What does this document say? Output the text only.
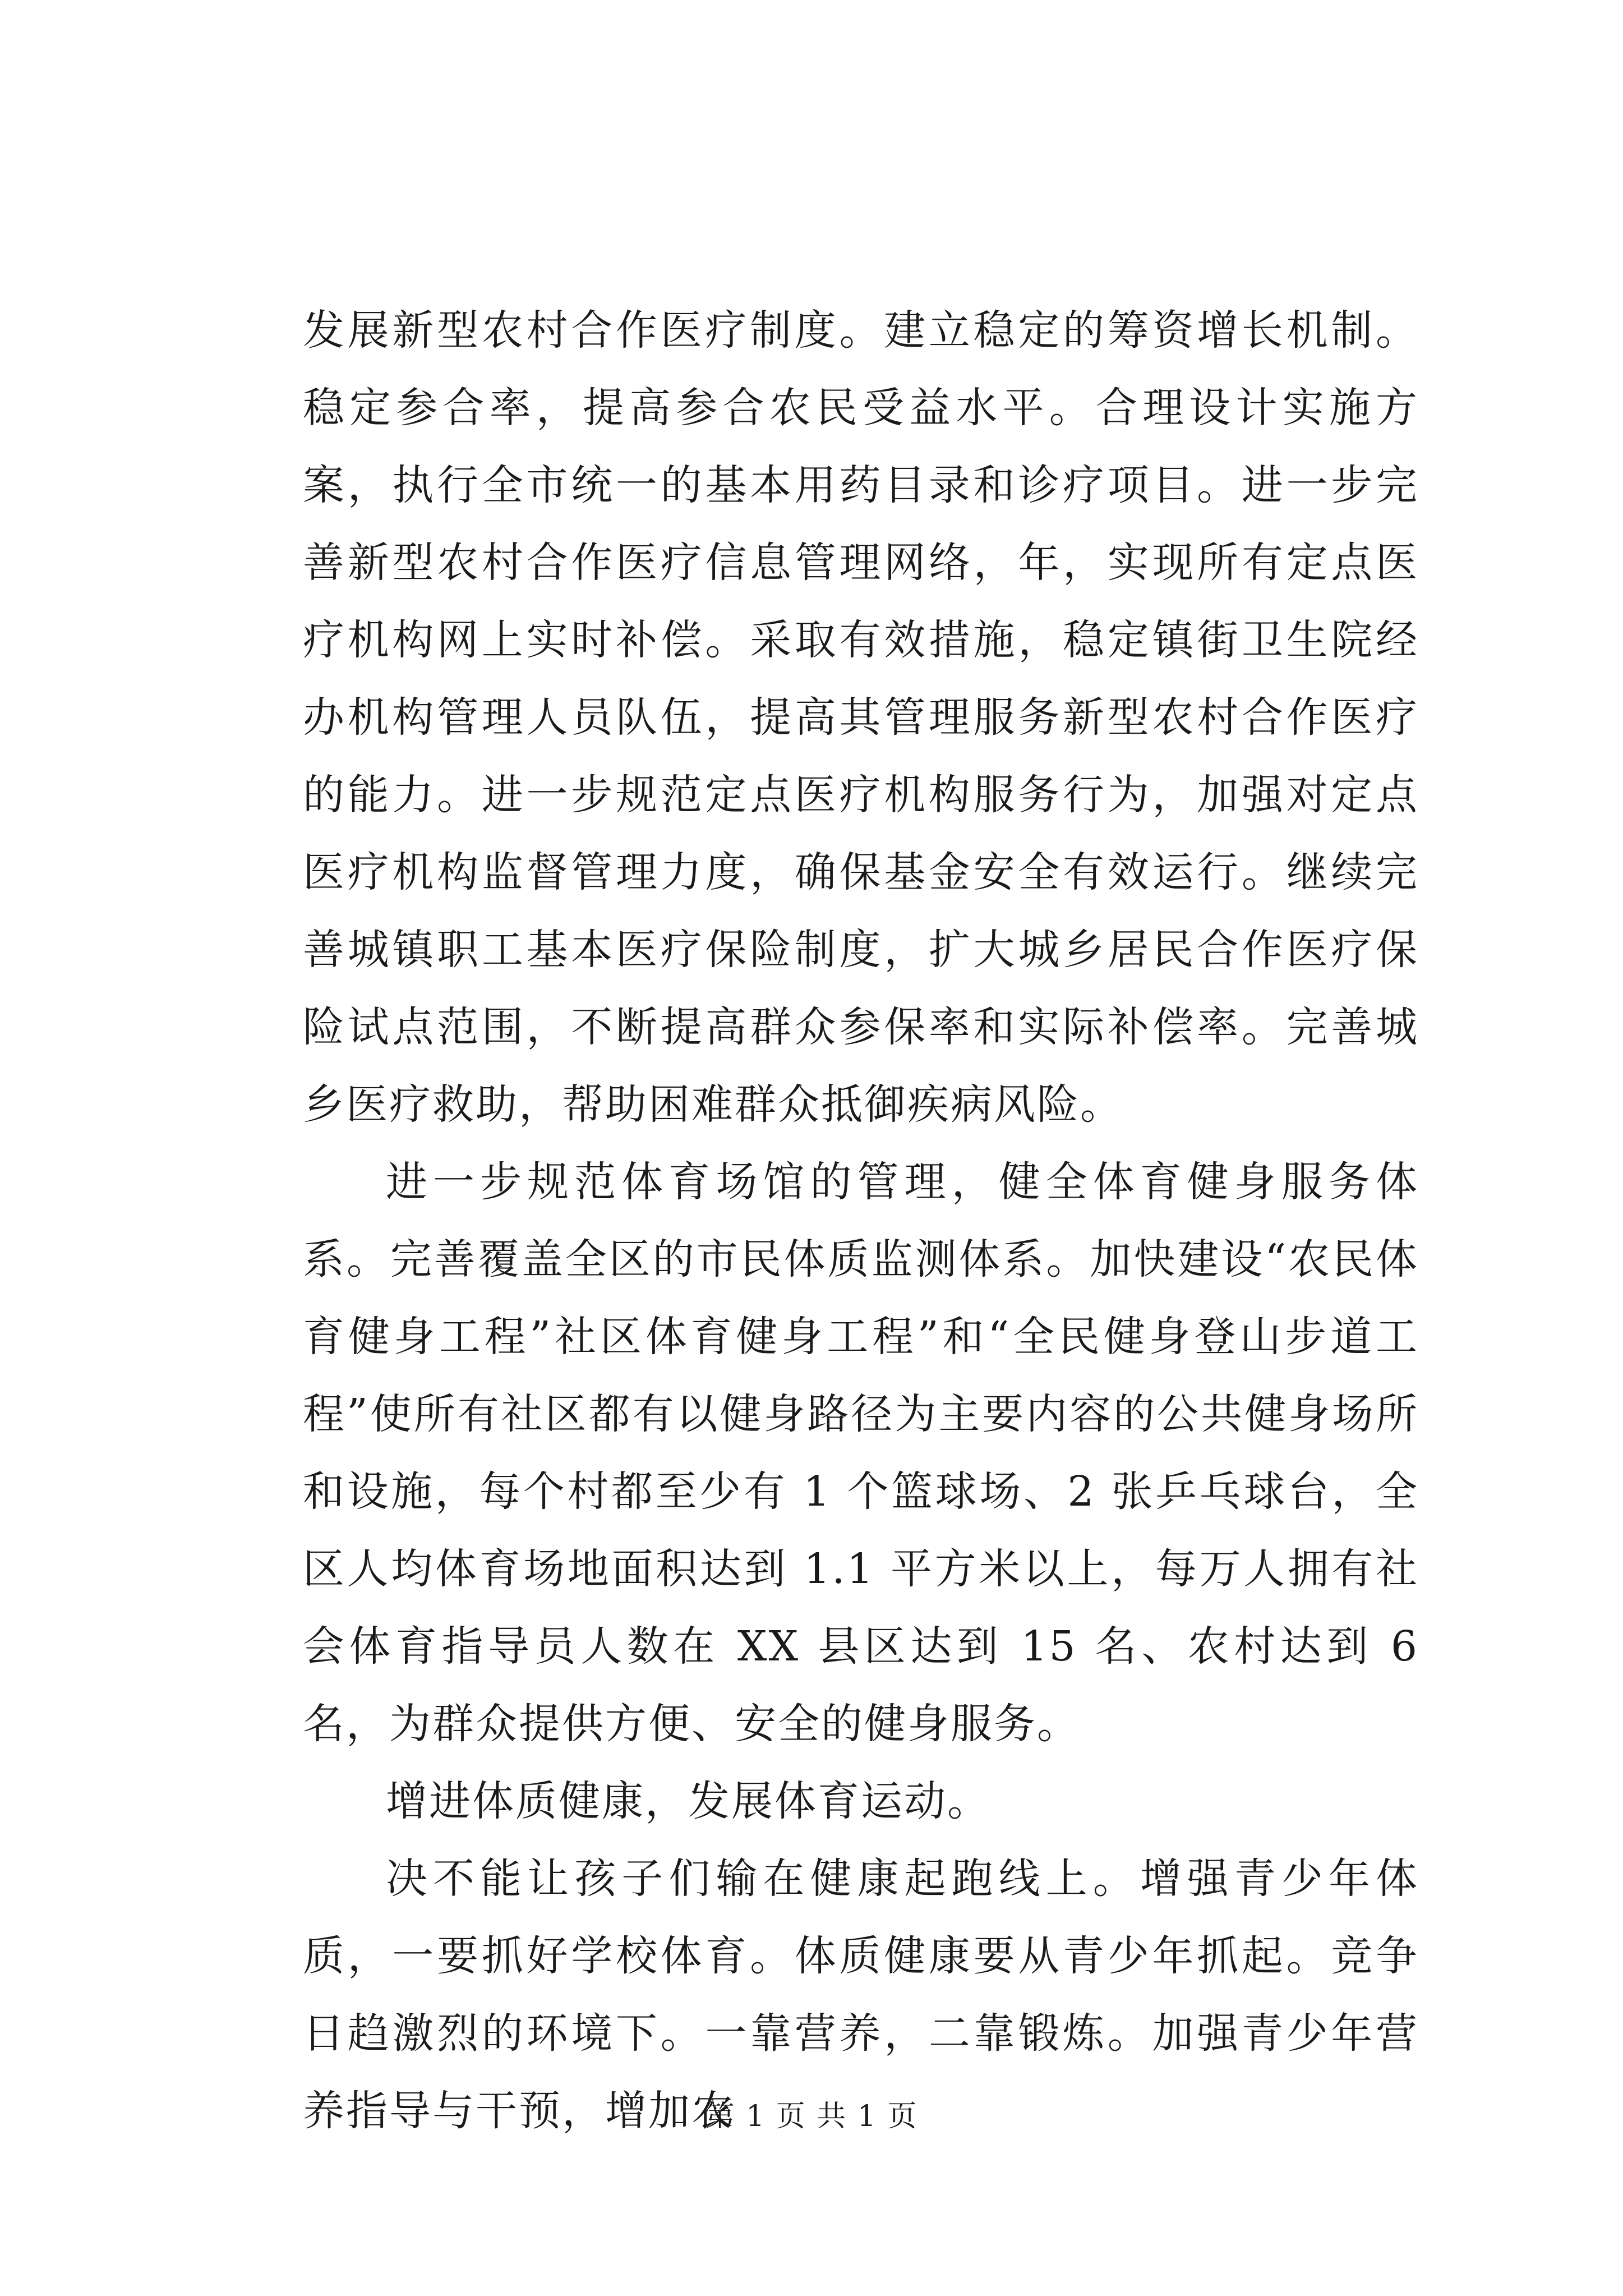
发展新型农村合作医疗制度。建立稳定的筹资增长机制。稳定参合率，提高参合农民受益水平。合理设计实施方案，执行全市统一的基本用药目录和诊疗项目。进一步完善新型农村合作医疗信息管理网络，年，实现所有定点医疗机构网上实时补偿。采取有效措施，稳定镇街卫生院经办机构管理人员队伍，提高其管理服务新型农村合作医疗的能力。进一步规范定点医疗机构服务行为，加强对定点医疗机构监督管理力度，确保基金安全有效运行。继续完善城镇职工基本医疗保险制度，扩大城乡居民合作医疗保险试点范围，不断提高群众参保率和实际补偿率。完善城乡医疗救助，帮助困难群众抵御疾病风险。

进一步规范体育场馆的管理，健全体育健身服务体系。完善覆盖全区的市民体质监测体系。加快建设“农民体育健身工程”社区体育健身工程”和“全民健身登山步道工程”使所有社区都有以健身路径为主要内容的公共健身场所和设施，每个村都至少有 1 个篮球场、2 张乒乓球台，全区人均体育场地面积达到 1.1 平方米以上，每万人拥有社会体育指导员人数在 XX 县区达到 15 名、农村达到 6 名，为群众提供方便、安全的健身服务。

增进体质健康，发展体育运动。

决不能让孩子们输在健康起跑线上。增强青少年体质，一要抓好学校体育。体质健康要从青少年抓起。竞争日趋激烈的环境下。一靠营养，二靠锻炼。加强青少年营养指导与干预，增加农

第 1 页 共 1 页
